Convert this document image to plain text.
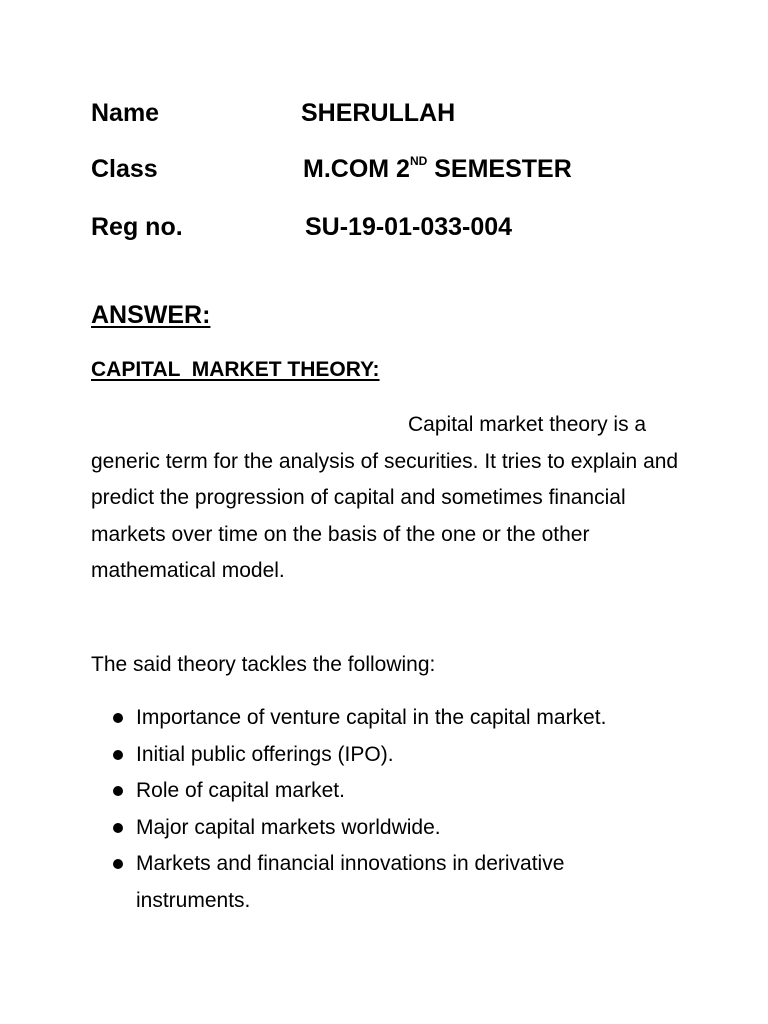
Name	SHERULLAH
Class	M.COM 2ND SEMESTER
Reg no.	SU-19-01-033-004
ANSWER:
CAPITAL  MARKET THEORY:

Capital market theory is a generic term for the analysis of securities. It tries to explain and predict the progression of capital and sometimes financial markets over time on the basis of the one or the other mathematical model.

The said theory tackles the following:
Importance of venture capital in the capital market.
Initial public offerings (IPO).
Role of capital market.
Major capital markets worldwide.
Markets and financial innovations in derivative instruments.
